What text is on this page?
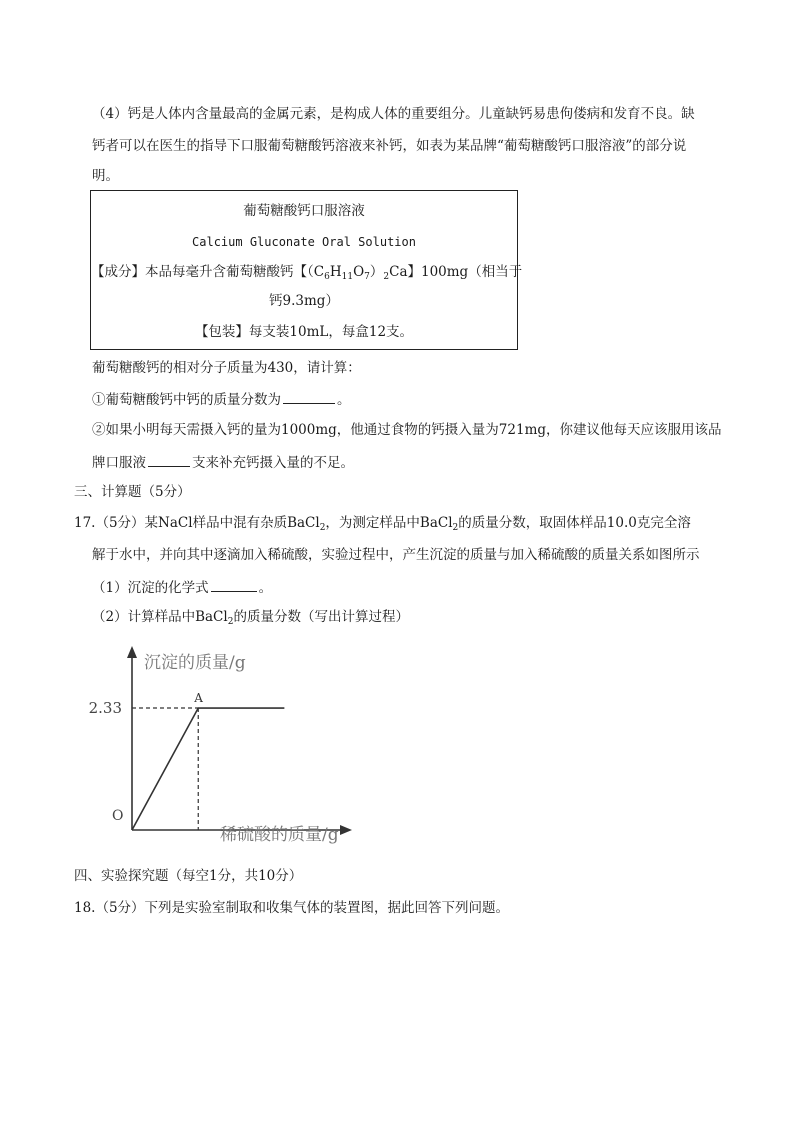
（4）钙是人体内含量最高的金属元素，是构成人体的重要组分。儿童缺钙易患佝偻病和发育不良。缺
钙者可以在医生的指导下口服葡萄糖酸钙溶液来补钙，如表为某品牌“葡萄糖酸钙口服溶液”的部分说
明。
葡萄糖酸钙口服溶液
Calcium Gluconate Oral Solution
【成分】本品每毫升含葡萄糖酸钙【$(C_6H_{11}O_7)_2Ca$】100mg（相当于
钙9.3mg）
【包装】每支装10mL，每盒12支。
葡萄糖酸钙的相对分子质量为430，请计算：
①葡萄糖酸钙中钙的质量分数为	。
②如果小明每天需摄入钙的量为1000mg，他通过食物的钙摄入量为721mg，你建议他每天应该服用该品
牌口服液	支来补充钙摄入量的不足。
三、计算题（5分）
17.（5分）某NaCl样品中混有杂质BaCl$_2$，为测定样品中BaCl$_2$的质量分数，取固体样品10.0克完全溶
解于水中，并向其中逐滴加入稀硫酸，实验过程中，产生沉淀的质量与加入稀硫酸的质量关系如图所示
（1）沉淀的化学式	。
（2）计算样品中BaCl$_2$的质量分数（写出计算过程）
沉淀的质量/g
稀硫酸的质量/g
O
A
2.33
四、实验探究题（每空1分，共10分）
18.（5分）下列是实验室制取和收集气体的装置图，据此回答下列问题。
